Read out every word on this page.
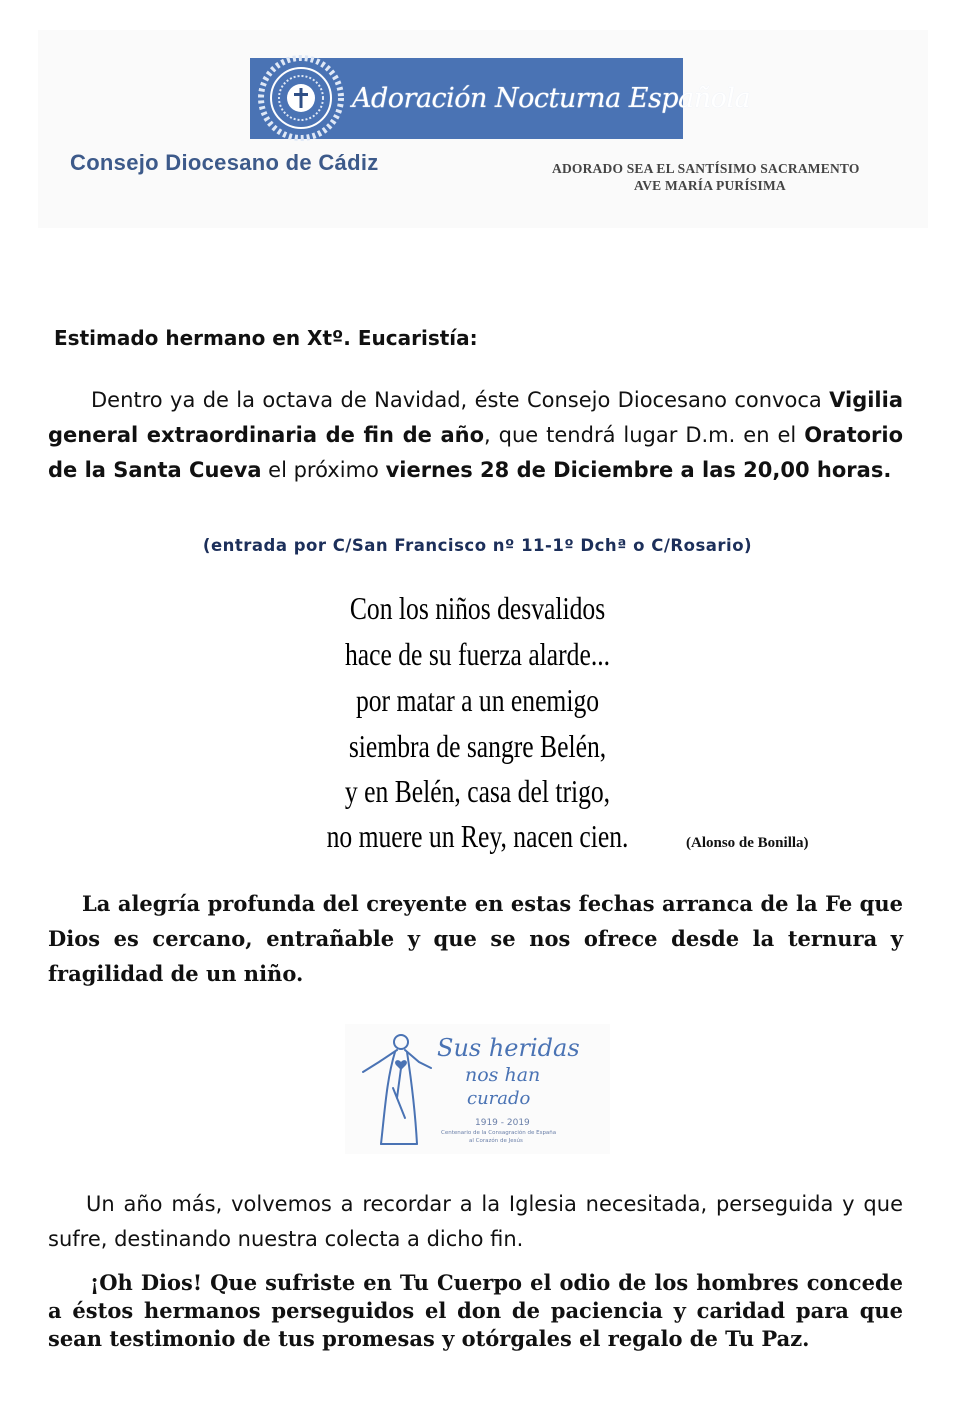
Adoración Nocturna Española
Consejo Diocesano de Cádiz	ADORADO SEA EL SANTÍSIMO SACRAMENTO
AVE MARÍA PURÍSIMA
Estimado hermano en Xtº. Eucaristía:
Dentro ya de la octava de Navidad, éste Consejo Diocesano convoca Vigilia general extraordinaria de fin de año, que tendrá lugar D.m. en el Oratorio de la Santa Cueva el próximo viernes 28 de Diciembre a las 20,00 horas.
(entrada por C/San Francisco nº 11-1º Dchª o C/Rosario)
Con los niños desvalidos
hace de su fuerza alarde...
por matar a un enemigo
siembra de sangre Belén,
y en Belén, casa del trigo,
no muere un Rey, nacen cien.	(Alonso de Bonilla)
La alegría profunda del creyente en estas fechas arranca de la Fe que Dios es cercano, entrañable y que se nos ofrece desde la ternura y fragilidad de un niño.
Sus heridas
nos han
curado
1919 - 2019
Centenario de la Consagración de España
al Corazón de Jesús
Un año más, volvemos a recordar a la Iglesia necesitada, perseguida y que sufre, destinando nuestra colecta a dicho fin.
¡Oh Dios! Que sufriste en Tu Cuerpo el odio de los hombres concede a éstos hermanos perseguidos el don de paciencia y caridad para que sean testimonio de tus promesas y otórgales el regalo de Tu Paz.
